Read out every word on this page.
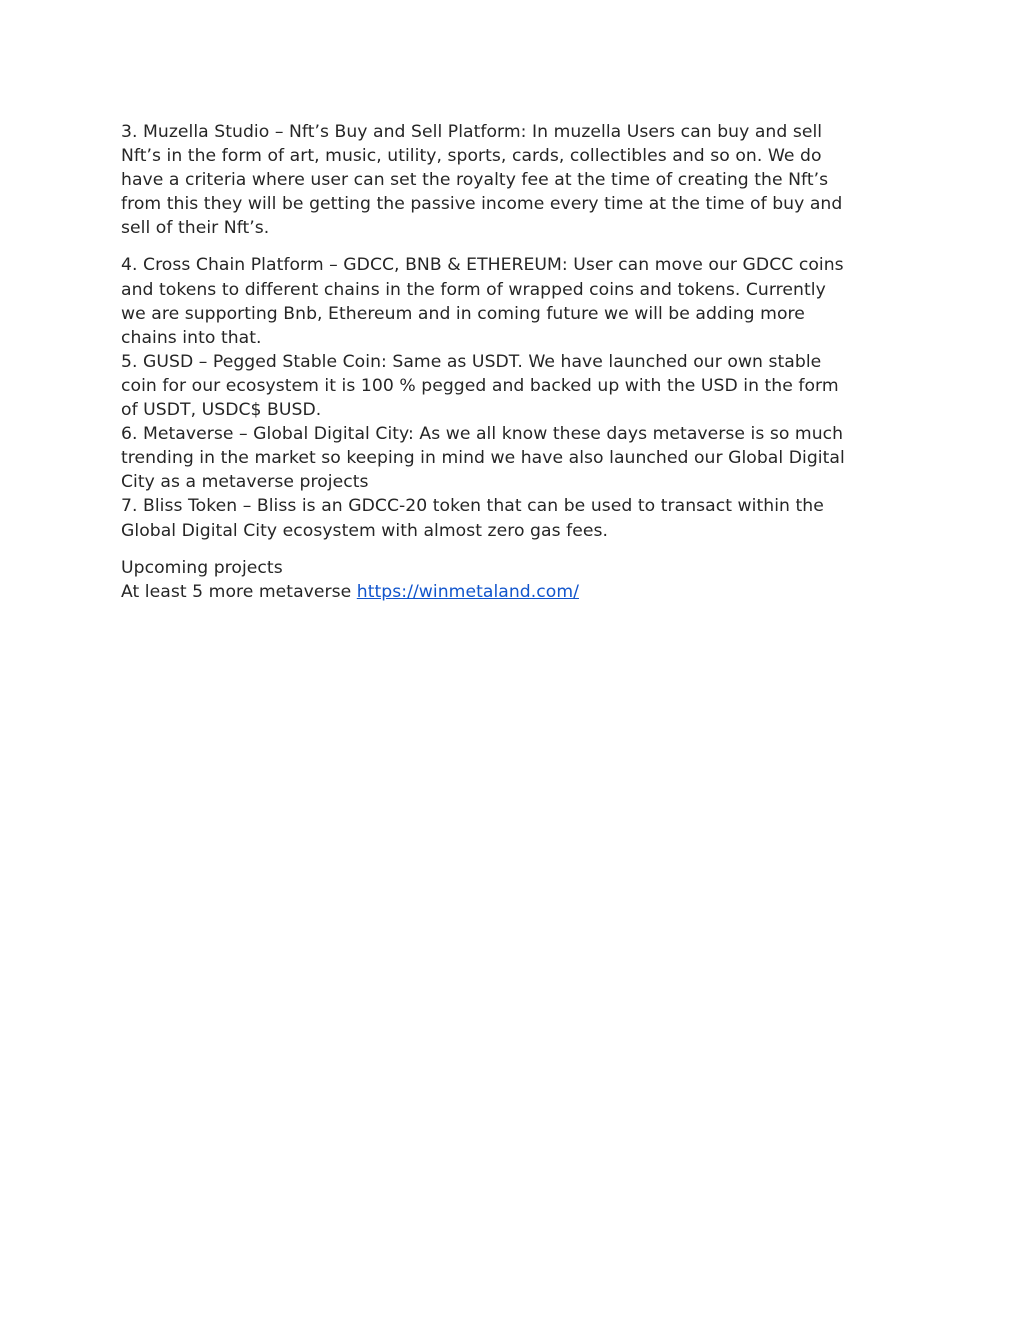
3. Muzella Studio – Nft’s Buy and Sell Platform: In muzella Users can buy and sell
Nft’s in the form of art, music, utility, sports, cards, collectibles and so on. We do
have a criteria where user can set the royalty fee at the time of creating the Nft’s
from this they will be getting the passive income every time at the time of buy and
sell of their Nft’s.
4. Cross Chain Platform – GDCC, BNB & ETHEREUM: User can move our GDCC coins
and tokens to different chains in the form of wrapped coins and tokens. Currently
we are supporting Bnb, Ethereum and in coming future we will be adding more
chains into that.
5. GUSD – Pegged Stable Coin: Same as USDT. We have launched our own stable
coin for our ecosystem it is 100 % pegged and backed up with the USD in the form
of USDT, USDC$ BUSD.
6. Metaverse – Global Digital City: As we all know these days metaverse is so much
trending in the market so keeping in mind we have also launched our Global Digital
City as a metaverse projects
7. Bliss Token – Bliss is an GDCC-20 token that can be used to transact within the
Global Digital City ecosystem with almost zero gas fees.
Upcoming projects
At least 5 more metaverse https://winmetaland.com/
